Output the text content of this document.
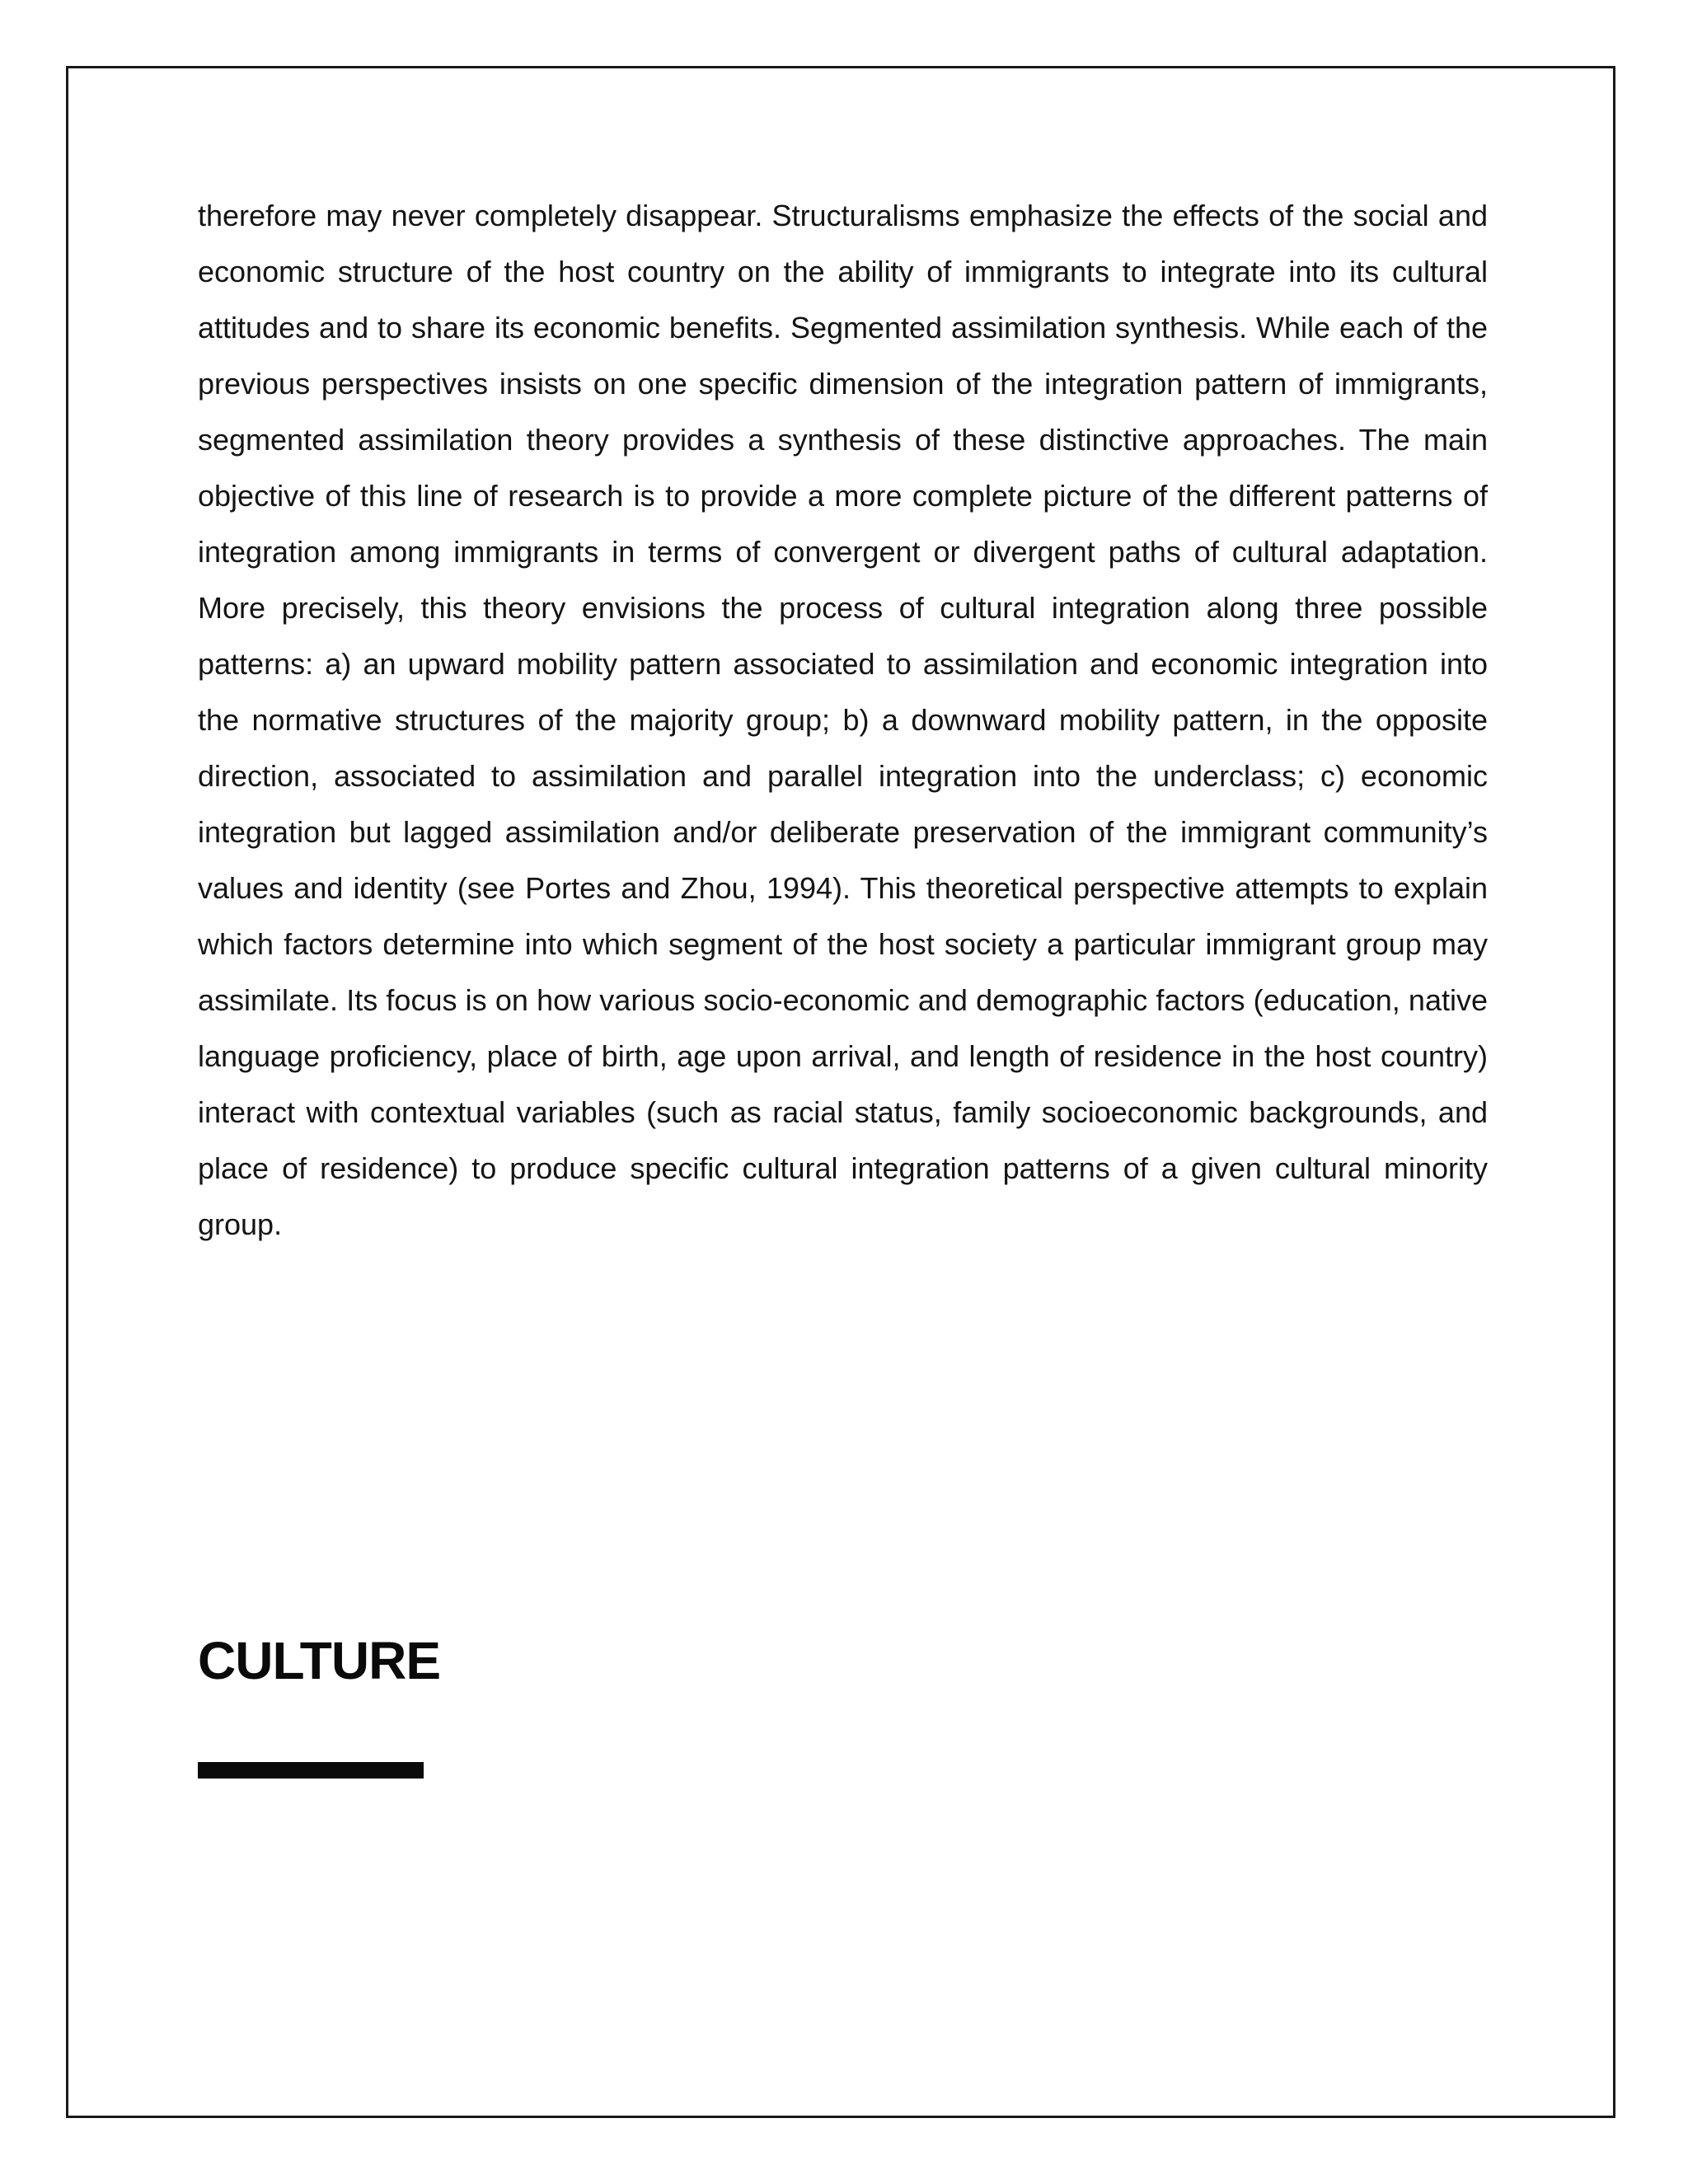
therefore may never completely disappear. Structuralisms emphasize the effects of the social and economic structure of the host country on the ability of immigrants to integrate into its cultural attitudes and to share its economic benefits. Segmented assimilation synthesis. While each of the previous perspectives insists on one specific dimension of the integration pattern of immigrants, segmented assimilation theory provides a synthesis of these distinctive approaches. The main objective of this line of research is to provide a more complete picture of the different patterns of integration among immigrants in terms of convergent or divergent paths of cultural adaptation. More precisely, this theory envisions the process of cultural integration along three possible patterns: a) an upward mobility pattern associated to assimilation and economic integration into the normative structures of the majority group; b) a downward mobility pattern, in the opposite direction, associated to assimilation and parallel integration into the underclass; c) economic integration but lagged assimilation and/or deliberate preservation of the immigrant community’s values and identity (see Portes and Zhou, 1994). This theoretical perspective attempts to explain which factors determine into which segment of the host society a particular immigrant group may assimilate. Its focus is on how various socio-economic and demographic factors (education, native language proficiency, place of birth, age upon arrival, and length of residence in the host country) interact with contextual variables (such as racial status, family socioeconomic backgrounds, and place of residence) to produce specific cultural integration patterns of a given cultural minority group.

CULTURE
